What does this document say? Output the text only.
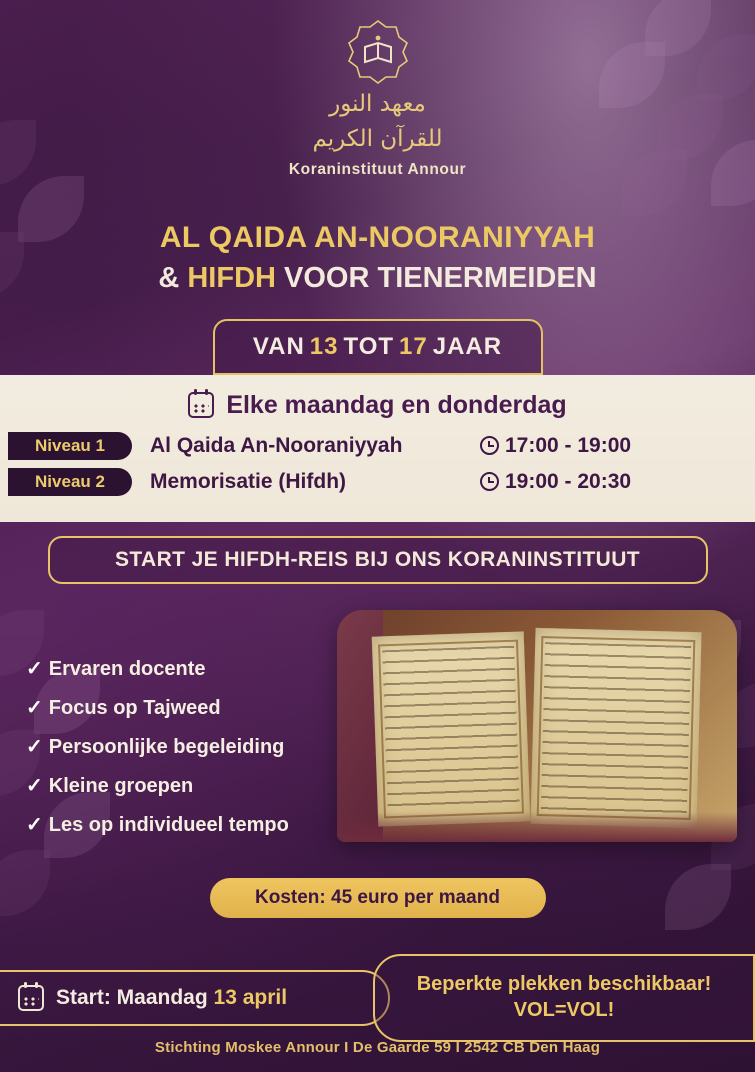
معهد النور
للقرآن الكريم
Koraninstituut Annour
AL QAIDA AN-NOORANIYYAH
& HIFDH VOOR TIENERMEIDEN
VAN 13 TOT 17 JAAR
Elke maandag en donderdag
Niveau 1	Al Qaida An-Nooraniyyah	17:00 - 19:00
Niveau 2	Memorisatie (Hifdh)	19:00 - 20:30
START JE HIFDH-REIS BIJ ONS KORANINSTITUUT
✓ Ervaren docente
✓ Focus op Tajweed
✓ Persoonlijke begeleiding
✓ Kleine groepen
✓ Les op individueel tempo
Kosten: 45 euro per maand
Start: Maandag 13 april
Beperkte plekken beschikbaar!
VOL=VOL!
Stichting Moskee Annour I De Gaarde 59 I 2542 CB Den Haag
